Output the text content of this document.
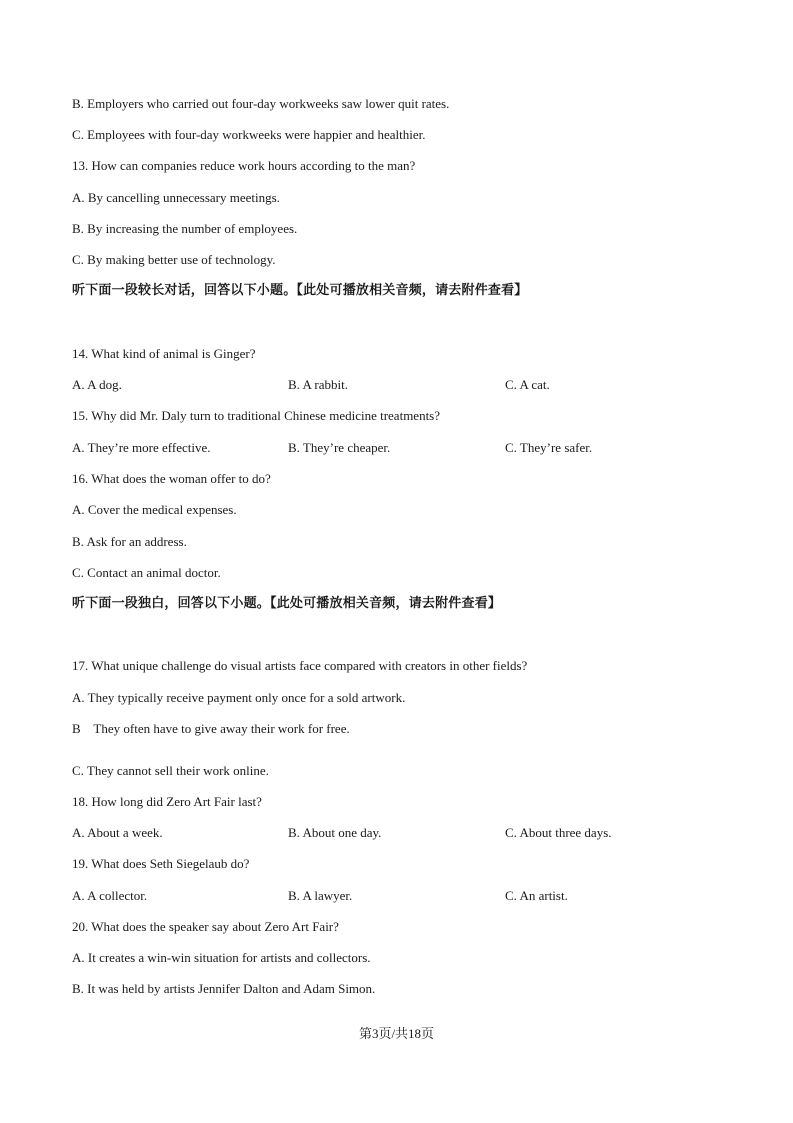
B. Employers who carried out four-day workweeks saw lower quit rates.
C. Employees with four-day workweeks were happier and healthier.
13. How can companies reduce work hours according to the man?
A. By cancelling unnecessary meetings.
B. By increasing the number of employees.
C. By making better use of technology.
听下面一段较长对话，回答以下小题。【此处可播放相关音频，请去附件查看】
14. What kind of animal is Ginger?
A. A dog.	B. A rabbit.	C. A cat.
15. Why did Mr. Daly turn to traditional Chinese medicine treatments?
A. They’re more effective.	B. They’re cheaper.	C. They’re safer.
16. What does the woman offer to do?
A. Cover the medical expenses.
B. Ask for an address.
C. Contact an animal doctor.
听下面一段独白，回答以下小题。【此处可播放相关音频，请去附件查看】
17. What unique challenge do visual artists face compared with creators in other fields?
A. They typically receive payment only once for a sold artwork.
B    They often have to give away their work for free.
C. They cannot sell their work online.
18. How long did Zero Art Fair last?
A. About a week.	B. About one day.	C. About three days.
19. What does Seth Siegelaub do?
A. A collector.	B. A lawyer.	C. An artist.
20. What does the speaker say about Zero Art Fair?
A. It creates a win-win situation for artists and collectors.
B. It was held by artists Jennifer Dalton and Adam Simon.
第3页/共18页
